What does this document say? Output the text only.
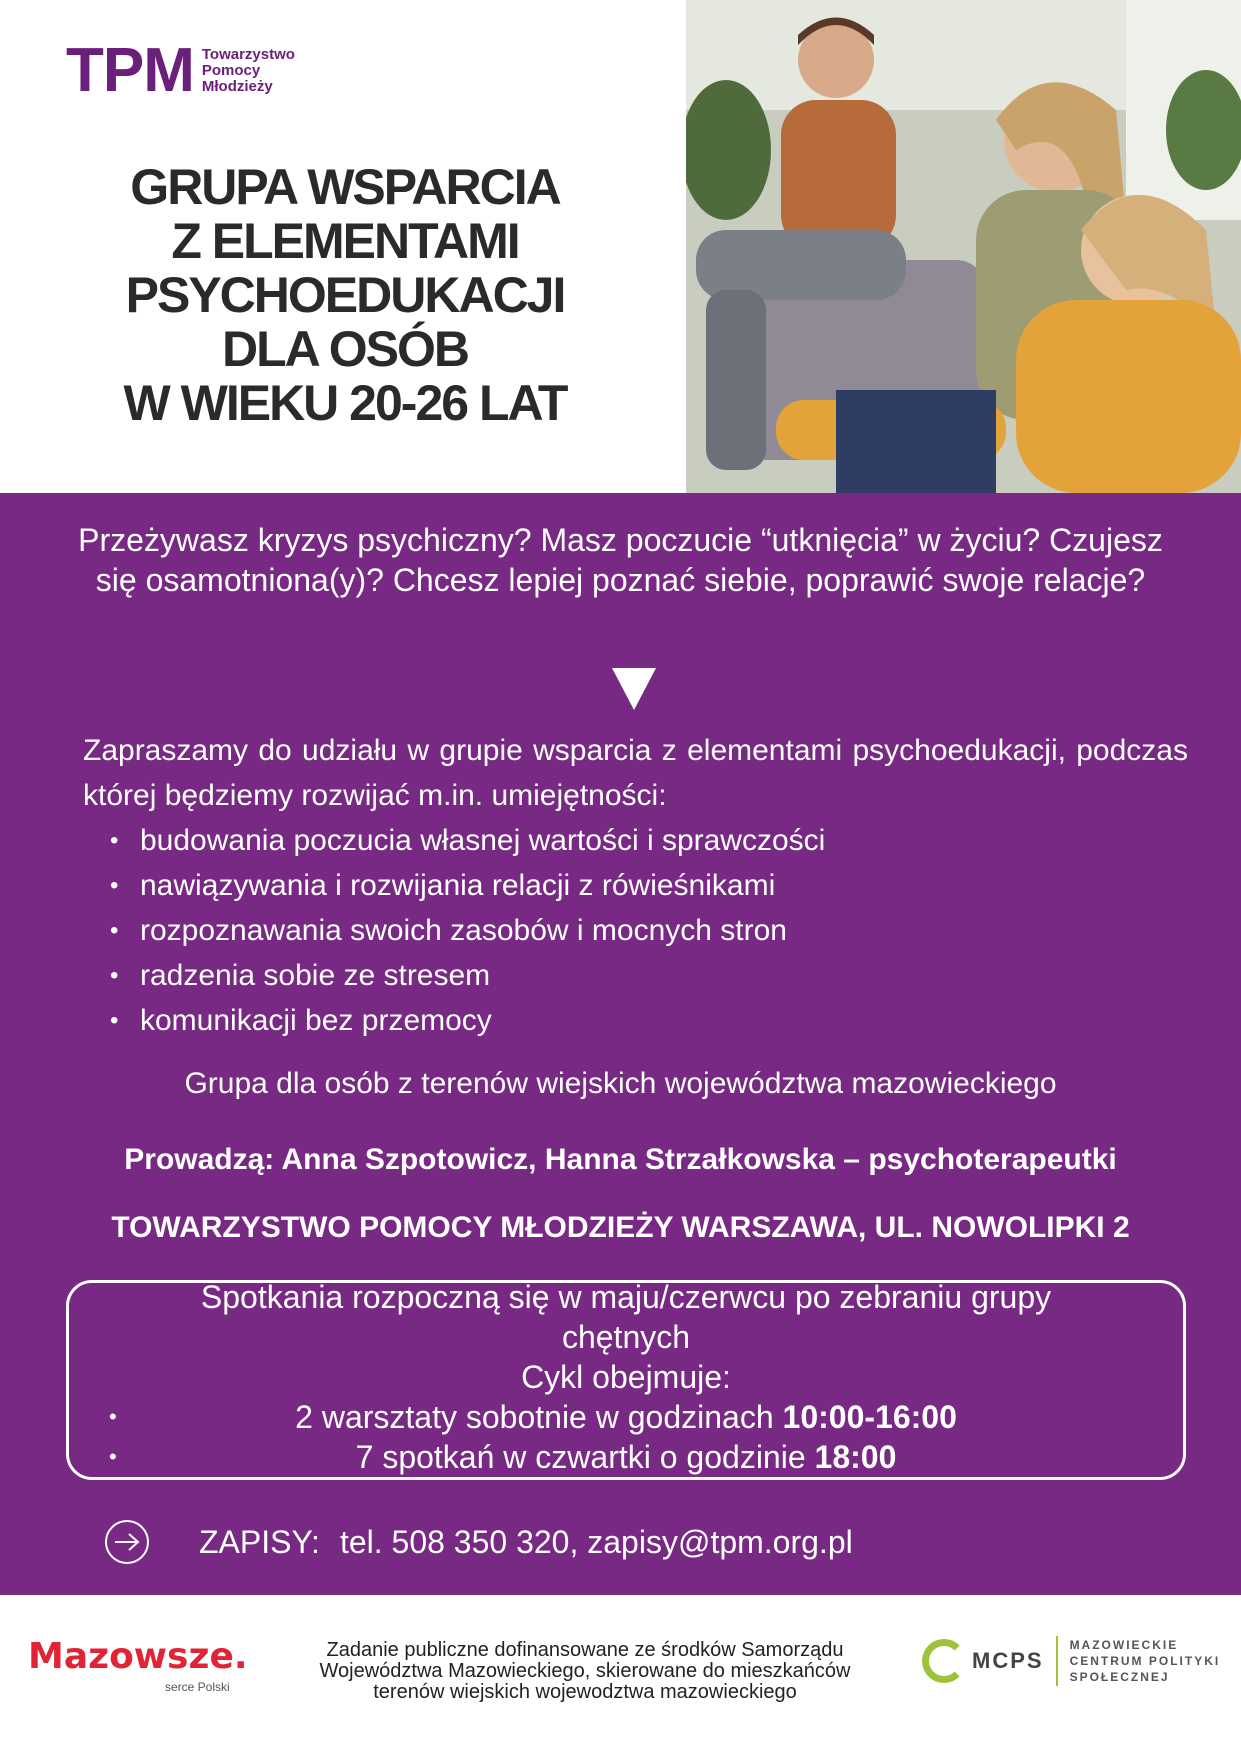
TPM Towarzystwo
Pomocy
Młodzieży
GRUPA WSPARCIA
Z ELEMENTAMI
PSYCHOEDUKACJI
DLA OSÓB
W WIEKU 20-26 LAT
Przeżywasz kryzys psychiczny? Masz poczucie “utknięcia” w życiu? Czujesz się osamotniona(y)? Chcesz lepiej poznać siebie, poprawić swoje relacje?
Zapraszamy do udziału w grupie wsparcia z elementami psychoedukacji, podczas której będziemy rozwijać m.in. umiejętności:
• budowania poczucia własnej wartości i sprawczości
• nawiązywania i rozwijania relacji z rówieśnikami
• rozpoznawania swoich zasobów i mocnych stron
• radzenia sobie ze stresem
• komunikacji bez przemocy
Grupa dla osób z terenów wiejskich województwa mazowieckiego
Prowadzą: Anna Szpotowicz, Hanna Strzałkowska – psychoterapeutki
TOWARZYSTWO POMOCY MŁODZIEŻY WARSZAWA, UL. NOWOLIPKI 2
Spotkania rozpoczną się w maju/czerwcu po zebraniu grupy
chętnych
Cykl obejmuje:
•	2 warsztaty sobotnie w godzinach 10:00-16:00
•	7 spotkań w czwartki o godzinie 18:00
ZAPISY: tel. 508 350 320, zapisy@tpm.org.pl
Mazowsze.
serce Polski
Zadanie publiczne dofinansowane ze środków Samorządu
Województwa Mazowieckiego, skierowane do mieszkańców
terenów wiejskich wojewodztwa mazowieckiego
MCPS
MAZOWIECKIE
CENTRUM POLITYKI
SPOŁECZNEJ
